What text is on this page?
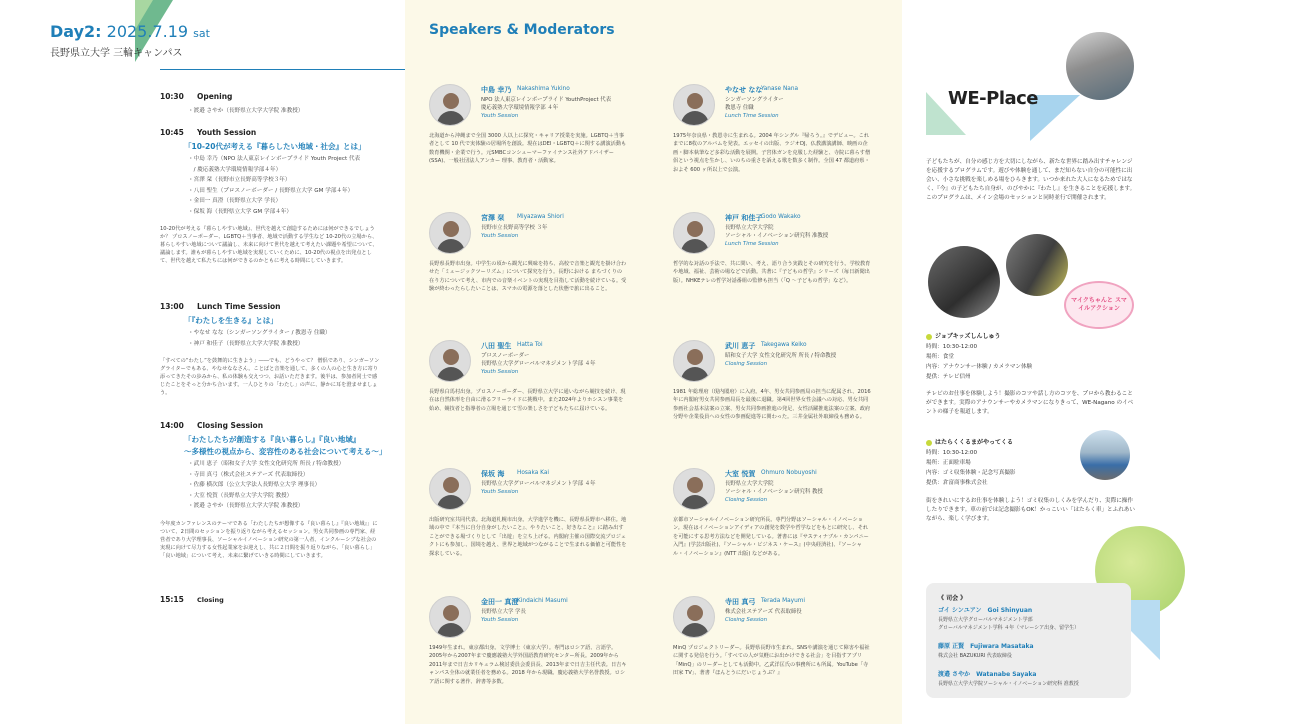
Day2: 2025.7.19 sat
長野県立大学 三輪キャンパス
10:30 Opening
・渡邉 さやか（長野県立大学大学院 准教授）
10:45 Youth Session
「10-20代が考える『暮らしたい地域・社会』とは」
・中島 幸乃（NPO 法人東京レインボープライド Youth Project 代表
　/ 慶応義塾大学環境情報学部４年）
・宮澤 栞（長野市立長野高等学校３年）
・八田 聖生（プロスノーボーダー / 長野県立大学 GM 学部４年）
・金田一 真澄（長野県立大学 学長）
・保坂 海（長野県立大学 GM 学部４年）
10-20代が考える『暮らしやすい地域』、世代を越えて創造するためには何ができるでしょうか？ プロスノーボーダー、LGBTQ＋当事者、地域で活動する学生など 10-20代の立場から、暮らしやすい地域について議論し、未来に向けて世代を越えて考えたい課題や希望について、議論します。誰もが暮らしやすい地域を実現していくために、10-20代の視点を出発点として、世代を越えて私たちには何ができるのかともに考える時間にしていきます。
13:00 Lunch Time Session
「『わたしを生きる』とは」
・やなせ なな（シンガーソングライター / 教恩寺 住職）
・神戸 和佳子（長野県立大学大学院 准教授）
「すべての“わたし”を鼓舞的に生きよう」――でも、どうやって？ 僧侶であり、シンガーソングライターでもある、やなせななさん。ことばと音楽を通して、多くの人の心と生き方に寄り添ってきたその歩みから、私の体験も交えつつ、お話いただきます。後半は、参加者同士で感じたことをそっと分かち合います。一人ひとりの「わたし」の声に、静かに耳を澄ませましょう。
14:00 Closing Session
「わたしたちが創造する『良い暮らし』『良い地域』
～多様性の視点から、変容性のある社会について考える～」
・武川 恵子（昭和女子大学 女性文化研究所 所長 / 特命教授）
・寺田 真弓（株式会社ステアーズ 代表取締役）
・佐藤 横次郎（公立大学法人長野県立大学 理事長）
・大室 悦賀（長野県立大学大学院 教授）
・渡邉 さやか（長野県立大学大学院 准教授）
今年度カンファレンスのテーマである「わたしたちが想像する『良い暮らし』『良い地域』」について、2日間のセッションを振り返りながら考えるセッション。男女共同参画の専門家、経営者であり大学理事長、ソーシャルイノベーション研究の第一人者、インクルーシブな社会の実現に向けて尽力する女性起業家をお迎えし、共に２日間を振り返りながら、「良い暮らし」「良い地域」について考え、未来に繋げていきる時間にしていきます。
15:15 Closing
Speakers & Moderators
中島 幸乃 Nakashima Yukino
NPO 法人東京レインボープライド YouthProject 代表
慶応義塾大学環境情報学部 ４年
Youth Session
北海道から沖縄まで全国 3000 人以上に探究・キャリア授業を実施。LGBTQ＋当事者として 10 代で実体験の居場所を創設。現在はDEI・LGBTQ＋に関する講演活動も数育機関・企業で行う。元SMBCコンシューマーファイナンス社外アドバイザー(SSA)、一般社団法人アンカー 理事、教育者・活動家。
やなせ なな
Yanase Nana
シンガーソングライター
教恩寺 住職
Lunch Time Session
1975年奈良県・教恩寺に生まれる。2004 年シングル『帰ろう。』でデビュー。これまでに8枚のアルバムを発表。エッセイの出版、ラジオDJ、仏教講演講師、映画の企画・脚本執筆など多彩な活動を展開。子宮体ガンを克服した経験と、寺院に暮らす僧侶という視点を生かし、いのちの重さを訴える歌を数多く制作。全国 47 都道府県・およそ 600 ヶ所以上で公演。
宮澤 栞 Miyazawa Shiori
長野市立長野高等学校 ３年
Youth Session
長野県長野市出身。中学生の頃から観光に興味を持ち、高校で音楽と観光を掛け合わせた「ミュージックツーリズム」について探究を行う。長野における まちづくりの在り方について考え、市内での音楽イベントの実現を目指して活動を続けている。受験が終わったらしたいことは、スマホの電源を落とした状態で旅に出ること。
神戸 和佳子
Godo Wakako
長野県立大学大学院
ソーシャル・イノベーション研究科 准教授
Lunch Time Session
哲学的な対話の手法で、共に問い、考え、語り合う実践とその研究を行う。学校教育や地域、福祉、芸術の場などで活動。共著に『子どもの哲学』シリーズ（毎日新聞出版）。NHKEテレの哲学対話番組の監修も担当（「Q ～子どもの哲学」など）。
八田 聖生 Hatta Toi
プロスノーボーダー
長野県立大学グローバルマネジメント学部 ４年
Youth Session
長野県白馬村出身。プロスノーボーダー、長野県立大学に通いながら競技を続け、現在は自然体形を自由に滑るフリーライドに挑戦中。また2024年よりホシスン事業を始め、競技者と指導者の立場を通じて雪の楽しさを子どもたちに届けている。
武川 恵子 Takegawa Keiko
昭和女子大学 女性文化研究所 所長 / 特命教授
Closing Session
1981 年総理府（現内閣府）に入府。4年、男女共同参画局の担当に配属され、2016年に内閣府男女共同参画局長を最後に退職。第4回世界女性会議への対応、男女共同参画社会基本法案の立案、男女共同参画推進の発足、女性活躍推進法案の立案、政府分野や企業役員への女性の参画促進等に関わった。三井金属社外取締役も務める。
保坂 海 Hosaka Kai
長野県立大学グローバルマネジメント学部 ４年
Youth Session
出版研究室共同代表。北海道札幌市出身。大学進学を機に、長野県長野市へ移住。地域の中で『本当に自分自身がしたいこと』、やりたいこと、好きなこと』に踏み出すことができる場づくりとして「出遊」を立ち上げる。内閣府主催の国際交流プロジェクトにも参加し、国境を越え、世界と地域がつながることで生まれる価値と可能性を探求している。
大室 悦賀 Ohmuro Nobuyoshi
長野県立大学大学院
ソーシャル・イノベーション研究科 教授
Closing Session
京都市ソーシャルイノベーション研究所長。専門分野はソーシャル・イノベーション。現在はイノベーションアイディアの創発を数学や哲学などをもとに研究し、それを可能にする思考方法などを開発している。著書には『サスティナブル・カンパニー入門』(学芸出版社)、『ソーシャル・ビジネス・ケース』(中央経済社)、『ソーシャル・イノベーション』(NTT 出版) などがある。
金田一 真澄
Kindaichi Masumi
長野県立大学 学長
Youth Session
1949年生まれ。東京都出身。文学博士（東京大学）。専門はロシア語、言語学。2005年から2007年まで慶應義塾大学外国語教育研究センター所長。2009年から2011年まで日吉カリキュラム検討委員会委員長、2013年まで日吉主任代表。日吉キャンパス全体の就業任者を務める。2018 年から現職。慶応義塾大学名誉教授。ロシア語に関する著作、辞書等多数。
寺田 真弓 Terada Mayumi
株式会社ステアーズ 代表取締役
Closing Session
MinQ プロジェクトリーダー。長野県長野市生まれ。SNSや講演を通じて障害や福祉に関する発信を行う。「すべての人が気軽にお出かけできる社会」を目指すアプリ「MinQ」のリーダーとしても活動中。乙武洋匡氏の事務所にも所属。YouTube「寺田家 TV」、著書『ほんとうにだいじょうぶ？』
WE-Place
子どもたちが、自分の感じ方を大切にしながら、新たな世界に踏み出すチャレンジを応援するプログラムです。遊びや体験を通して、まだ知らない自分の可能性に出会い、小さな挑戦を楽しめる場をひらきます。いつか来れた大人になるためではなく、『今』の子どもたち自身が、のびやかに『わたし』を生きることを応援します。このプログラムは、メイン会場のセッションと同時並行で開催されます。
マイクちゃんと スマイルアクション
ジョブキッズしんしゅう
時間：10:30-12:00
場所：食堂
内容：アナウンサー体験 / カメラマン体験
提供：テレビ信州
テレビのお仕事を体験しよう！撮影のコツや話し方のコツを、プロから教わることができます。実際のアナウンサーやカメラマンになりきって、WE-Nagano のイベントの様子を報道します。
はたらくくるまがやってくる
時間：10:30-12:00
場所：正面駐車場
内容：ゴミ収集体験・記念写真撮影
提供：倉富商事株式会社
街をきれいにするお仕事を体験しよう！ゴミ収集のしくみを学んだり、実際に操作したりできます。車の前では記念撮影もOK！かっこいい「はたらく車」とふれあいながら、楽しく学びます。
《 司会 》
ゴイ シンユアン　Goi Shinyuan
長野県立大学グローバルマネジメント学部
グローバルマネジメント学科 ４年（マレーシア出身、留学生）
藤原 正賢　Fujiwara Masataka
株式会社 BAZUKURI 代表取締役
渡邉 さやか　Watanabe Sayaka
長野県立大学大学院ソーシャル・イノベーション研究科 准教授
